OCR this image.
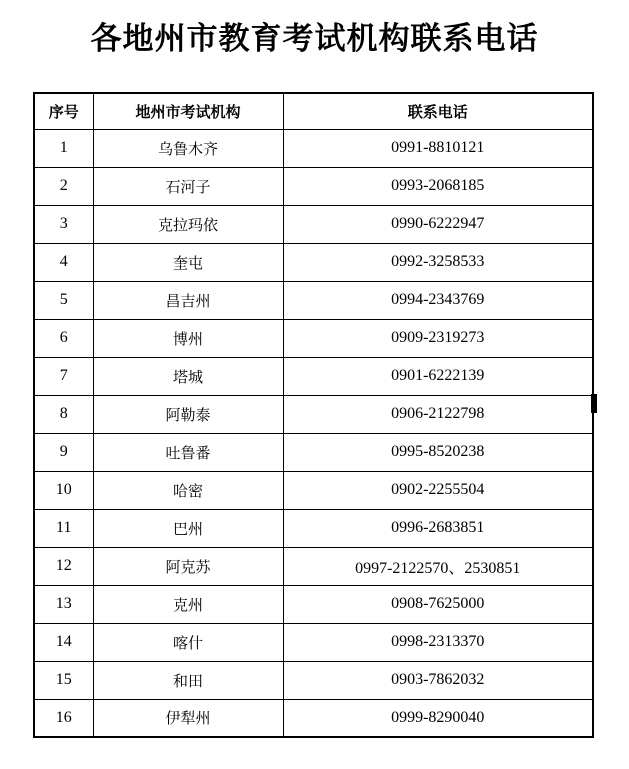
各地州市教育考试机构联系电话
序号	地州市考试机构	联系电话
1	乌鲁木齐	0991-8810121
2	石河子	0993-2068185
3	克拉玛依	0990-6222947
4	奎屯	0992-3258533
5	昌吉州	0994-2343769
6	博州	0909-2319273
7	塔城	0901-6222139
8	阿勒泰	0906-2122798
9	吐鲁番	0995-8520238
10	哈密	0902-2255504
11	巴州	0996-2683851
12	阿克苏	0997-2122570、2530851
13	克州	0908-7625000
14	喀什	0998-2313370
15	和田	0903-7862032
16	伊犁州	0999-8290040
